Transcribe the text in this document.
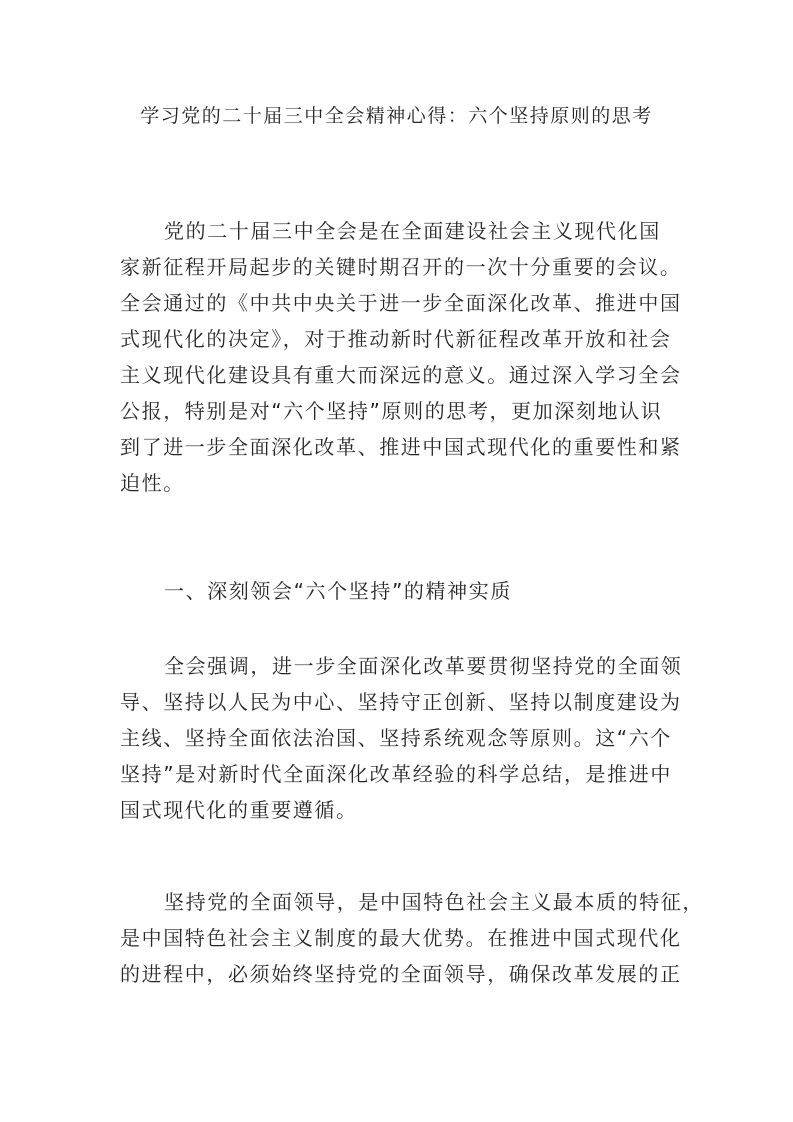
学习党的二十届三中全会精神心得：六个坚持原则的思考
党的二十届三中全会是在全面建设社会主义现代化国
家新征程开局起步的关键时期召开的一次十分重要的会议。
全会通过的《中共中央关于进一步全面深化改革、推进中国
式现代化的决定》，对于推动新时代新征程改革开放和社会
主义现代化建设具有重大而深远的意义。通过深入学习全会
公报，特别是对“六个坚持”原则的思考，更加深刻地认识
到了进一步全面深化改革、推进中国式现代化的重要性和紧
迫性。
一、深刻领会“六个坚持”的精神实质
全会强调，进一步全面深化改革要贯彻坚持党的全面领
导、坚持以人民为中心、坚持守正创新、坚持以制度建设为
主线、坚持全面依法治国、坚持系统观念等原则。这“六个
坚持”是对新时代全面深化改革经验的科学总结，是推进中
国式现代化的重要遵循。
坚持党的全面领导，是中国特色社会主义最本质的特征，
是中国特色社会主义制度的最大优势。在推进中国式现代化
的进程中，必须始终坚持党的全面领导，确保改革发展的正
